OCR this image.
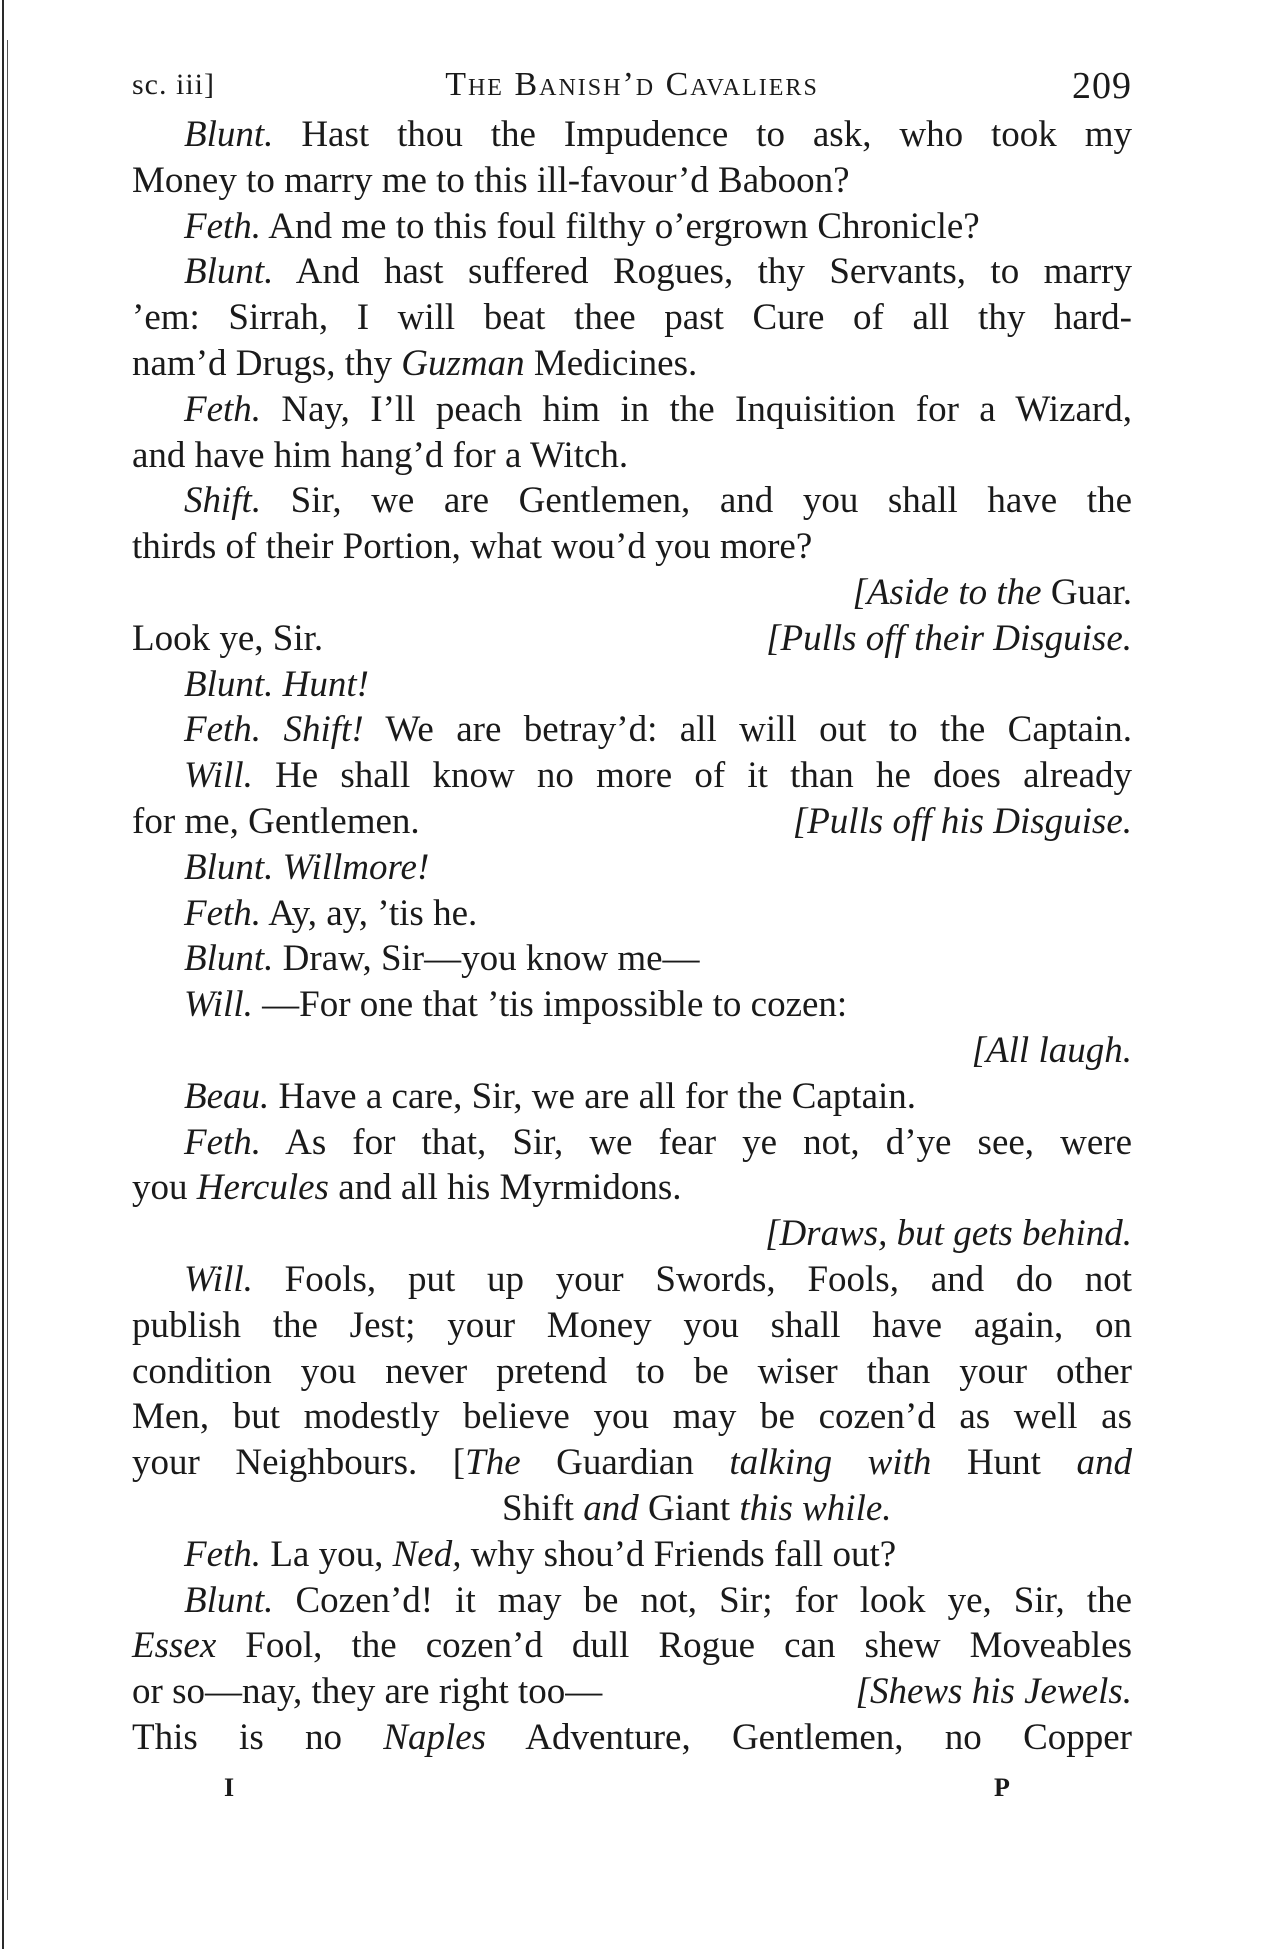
sc. iii]	The Banish’d Cavaliers	209
Blunt. Hast thou the Impudence to ask, who took my
Money to marry me to this ill-favour’d Baboon?
Feth. And me to this foul filthy o’ergrown Chronicle?
Blunt. And hast suffered Rogues, thy Servants, to marry
’em: Sirrah, I will beat thee past Cure of all thy hard-
nam’d Drugs, thy Guzman Medicines.
Feth. Nay, I’ll peach him in the Inquisition for a Wizard,
and have him hang’d for a Witch.
Shift. Sir, we are Gentlemen, and you shall have the
thirds of their Portion, what wou’d you more?
[Aside to the Guar.
Look ye, Sir.	[Pulls off their Disguise.
Blunt. Hunt!
Feth. Shift! We are betray’d: all will out to the Captain.
Will. He shall know no more of it than he does already
for me, Gentlemen.	[Pulls off his Disguise.
Blunt. Willmore!
Feth. Ay, ay, ’tis he.
Blunt. Draw, Sir—you know me—
Will. —For one that ’tis impossible to cozen:
[All laugh.
Beau. Have a care, Sir, we are all for the Captain.
Feth. As for that, Sir, we fear ye not, d’ye see, were
you Hercules and all his Myrmidons.
[Draws, but gets behind.
Will. Fools, put up your Swords, Fools, and do not
publish the Jest; your Money you shall have again, on
condition you never pretend to be wiser than your other
Men, but modestly believe you may be cozen’d as well as
your Neighbours. [The Guardian talking with Hunt and
Shift and Giant this while.
Feth. La you, Ned, why shou’d Friends fall out?
Blunt. Cozen’d! it may be not, Sir; for look ye, Sir, the
Essex Fool, the cozen’d dull Rogue can shew Moveables
or so—nay, they are right too—	[Shews his Jewels.
This is no Naples Adventure, Gentlemen, no Copper
I	P
